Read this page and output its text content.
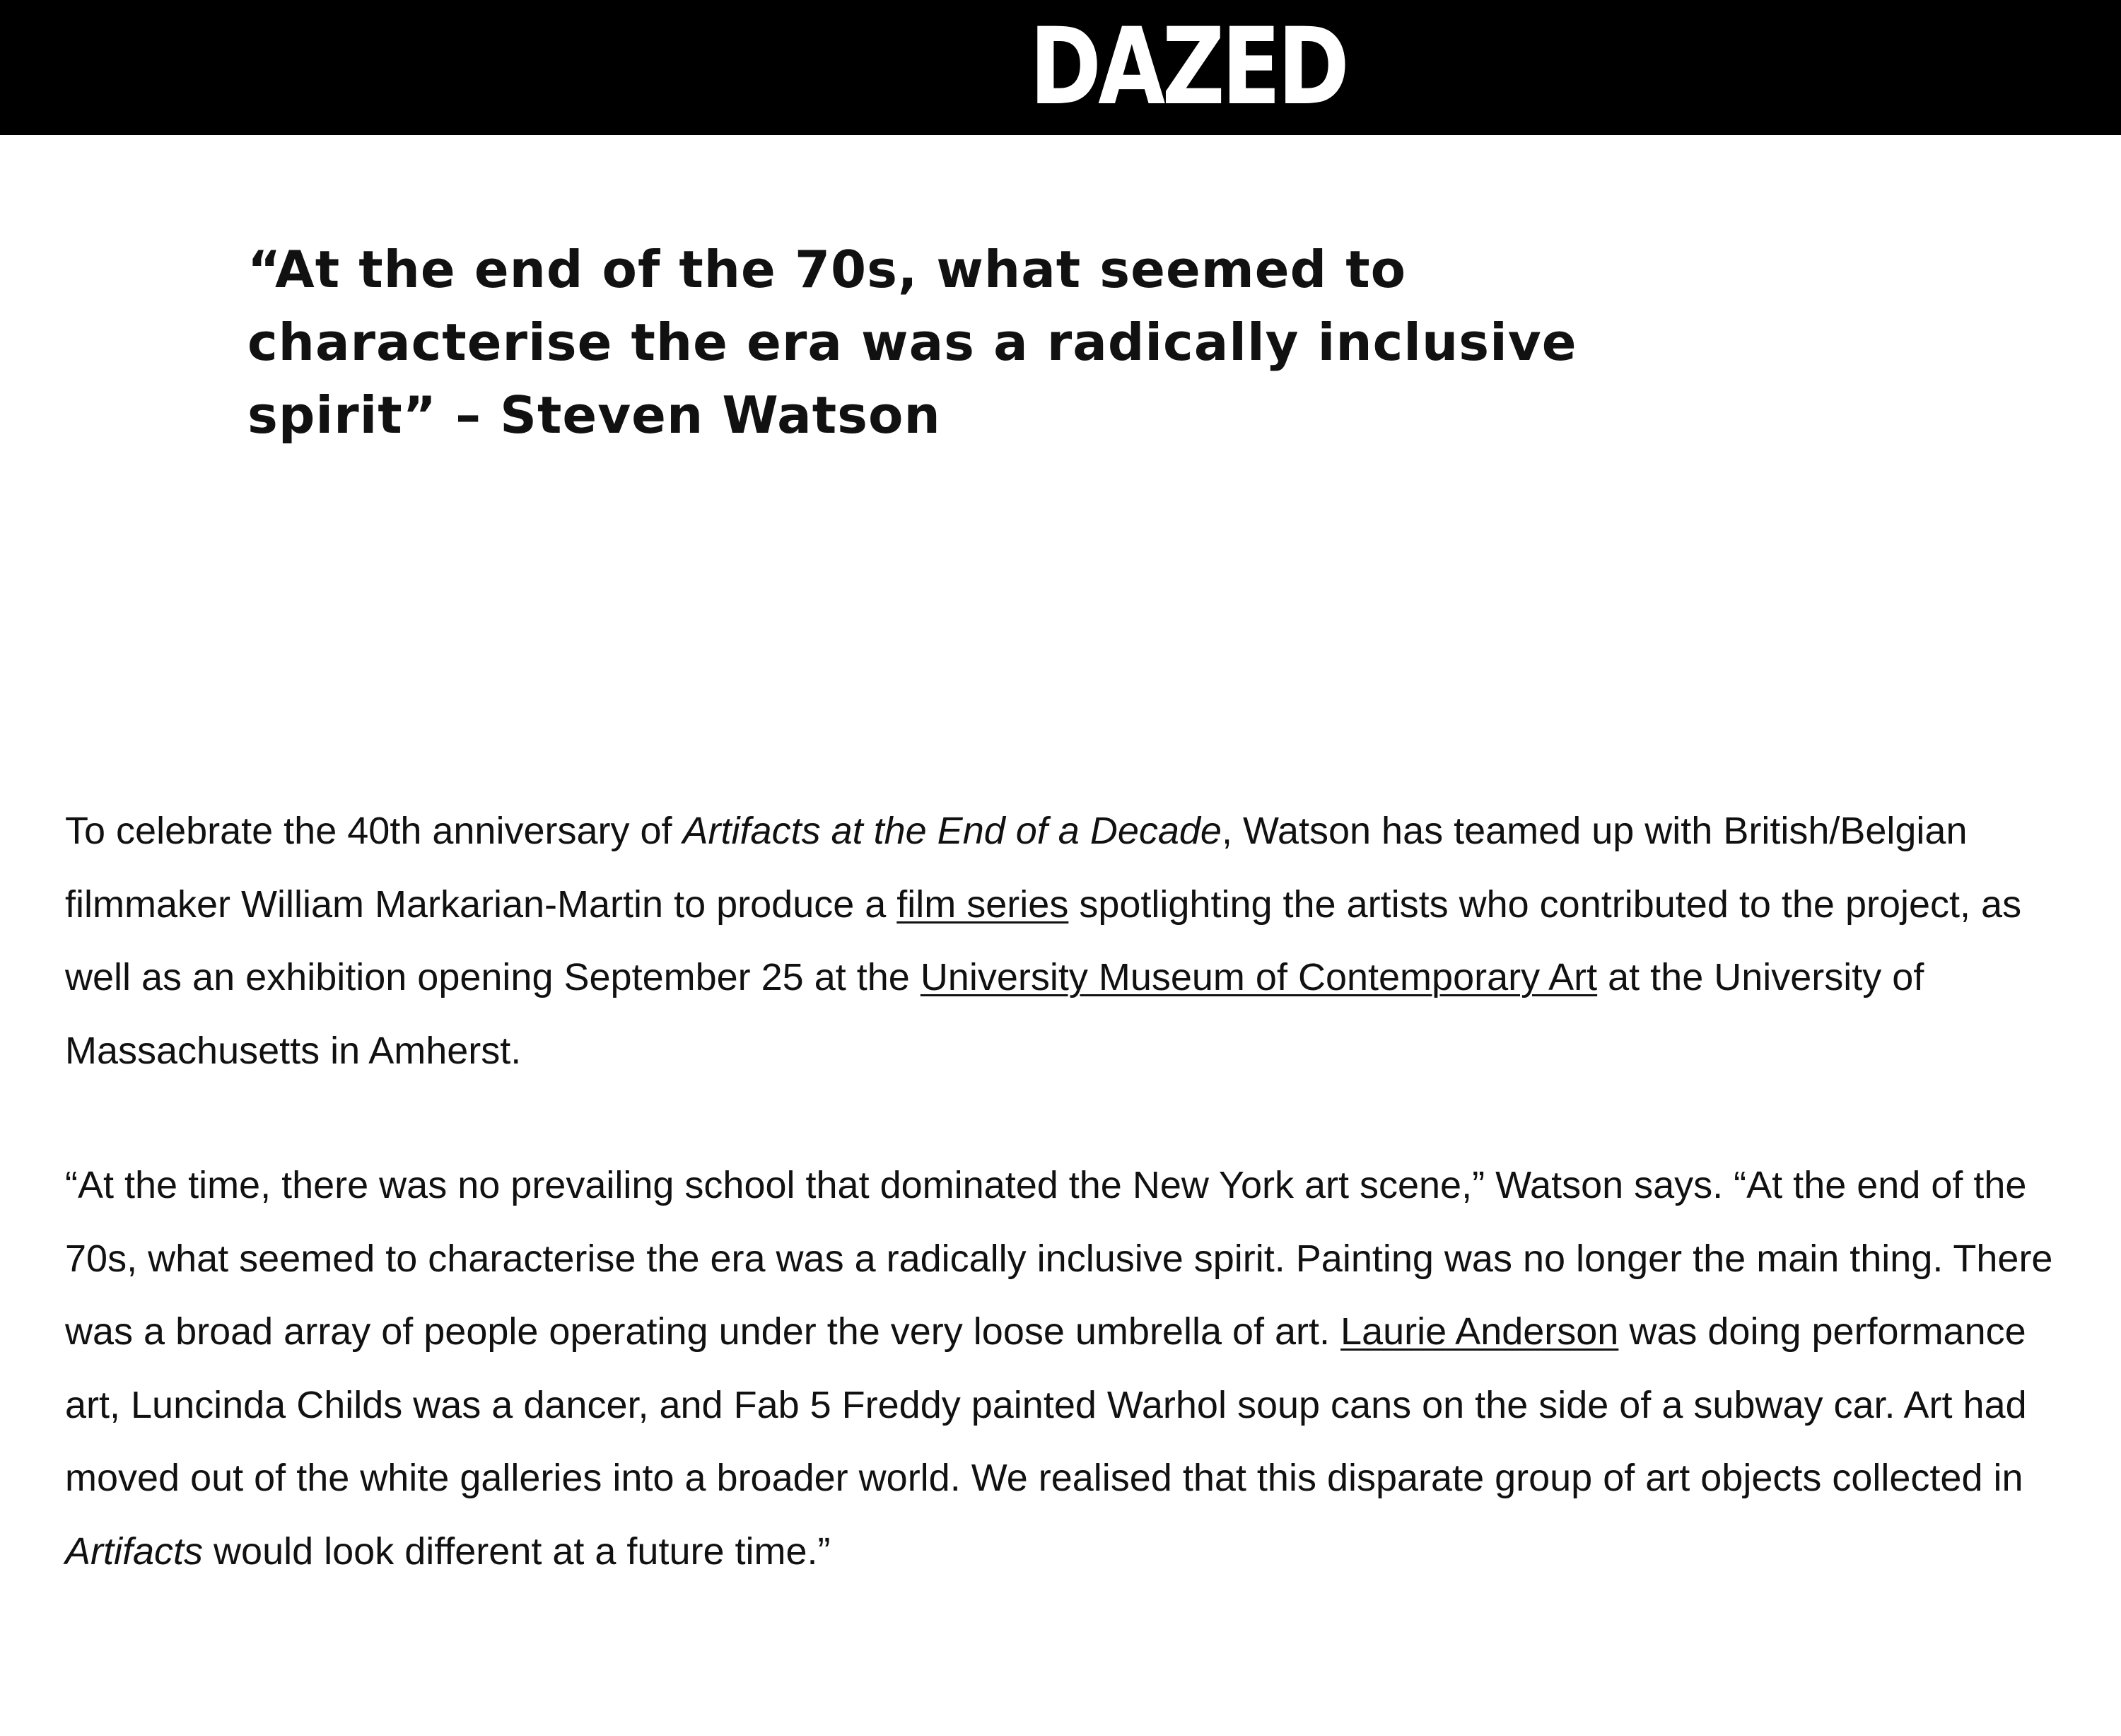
DAZED
“At the end of the 70s, what seemed to characterise the era was a radically inclusive spirit” – Steven Watson

To celebrate the 40th anniversary of Artifacts at the End of a Decade, Watson has teamed up with British/Belgian filmmaker William Markarian-Martin to produce a film series spotlighting the artists who contributed to the project, as well as an exhibition opening September 25 at the University Museum of Contemporary Art at the University of Massachusetts in Amherst.

“At the time, there was no prevailing school that dominated the New York art scene,” Watson says. “At the end of the 70s, what seemed to characterise the era was a radically inclusive spirit. Painting was no longer the main thing. There was a broad array of people operating under the very loose umbrella of art. Laurie Anderson was doing performance art, Luncinda Childs was a dancer, and Fab 5 Freddy painted Warhol soup cans on the side of a subway car. Art had moved out of the white galleries into a broader world. We realised that this disparate group of art objects collected in Artifacts would look different at a future time.”
